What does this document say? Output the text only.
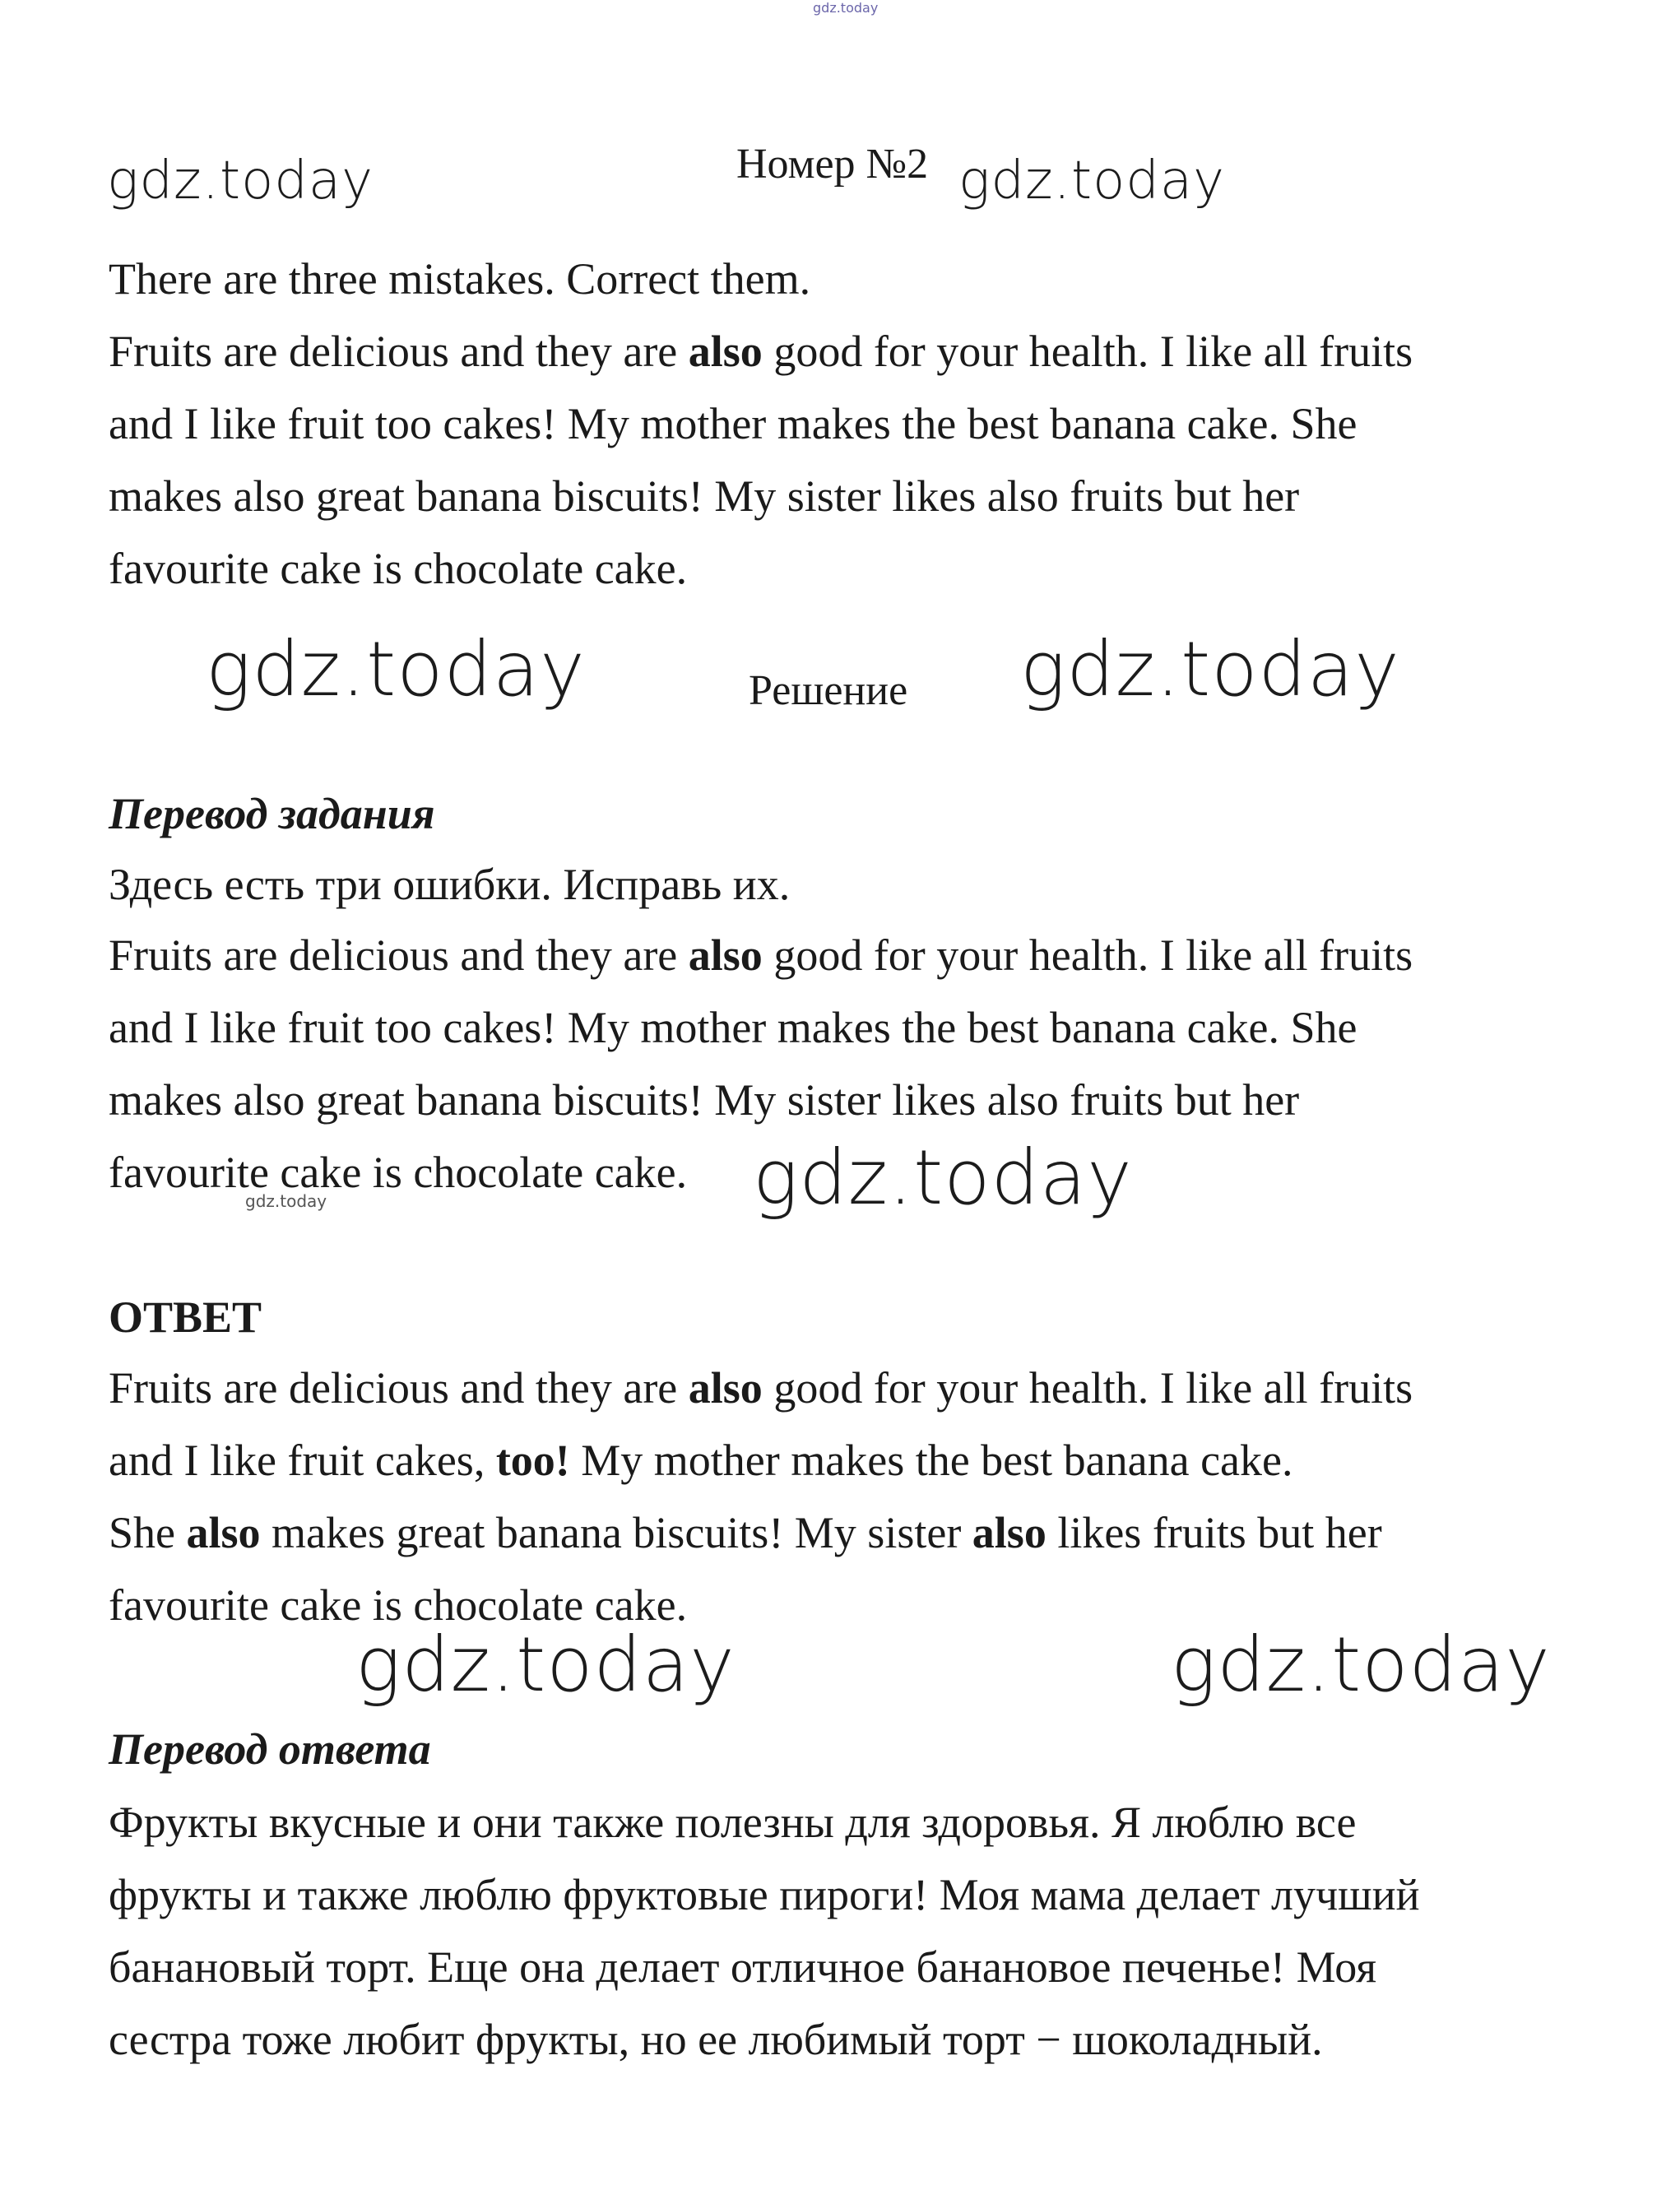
gdz.today
gdz.today	Номер №2 gdz.today
There are three mistakes. Correct them.
Fruits are delicious and they are also good for your health. I like all fruits
and I like fruit too cakes! My mother makes the best banana cake. She
makes also great banana biscuits! My sister likes also fruits but her
favourite cake is chocolate cake.
gdz.today	Решение gdz.today
Перевод задания
Здесь есть три ошибки. Исправь их.
Fruits are delicious and they are also good for your health. I like all fruits
and I like fruit too cakes! My mother makes the best banana cake. She
makes also great banana biscuits! My sister likes also fruits but her
favourite cake is chocolate cake. gdz.today
gdz.today
ОТВЕТ
Fruits are delicious and they are also good for your health. I like all fruits
and I like fruit cakes, too! My mother makes the best banana cake.
She also makes great banana biscuits! My sister also likes fruits but her
favourite cake is chocolate cake.
gdz.today	gdz.today
Перевод ответа
Фрукты вкусные и они также полезны для здоровья. Я люблю все
фрукты и также люблю фруктовые пироги! Моя мама делает лучший
банановый торт. Еще она делает отличное банановое печенье! Моя
сестра тоже любит фрукты, но ее любимый торт − шоколадный.
